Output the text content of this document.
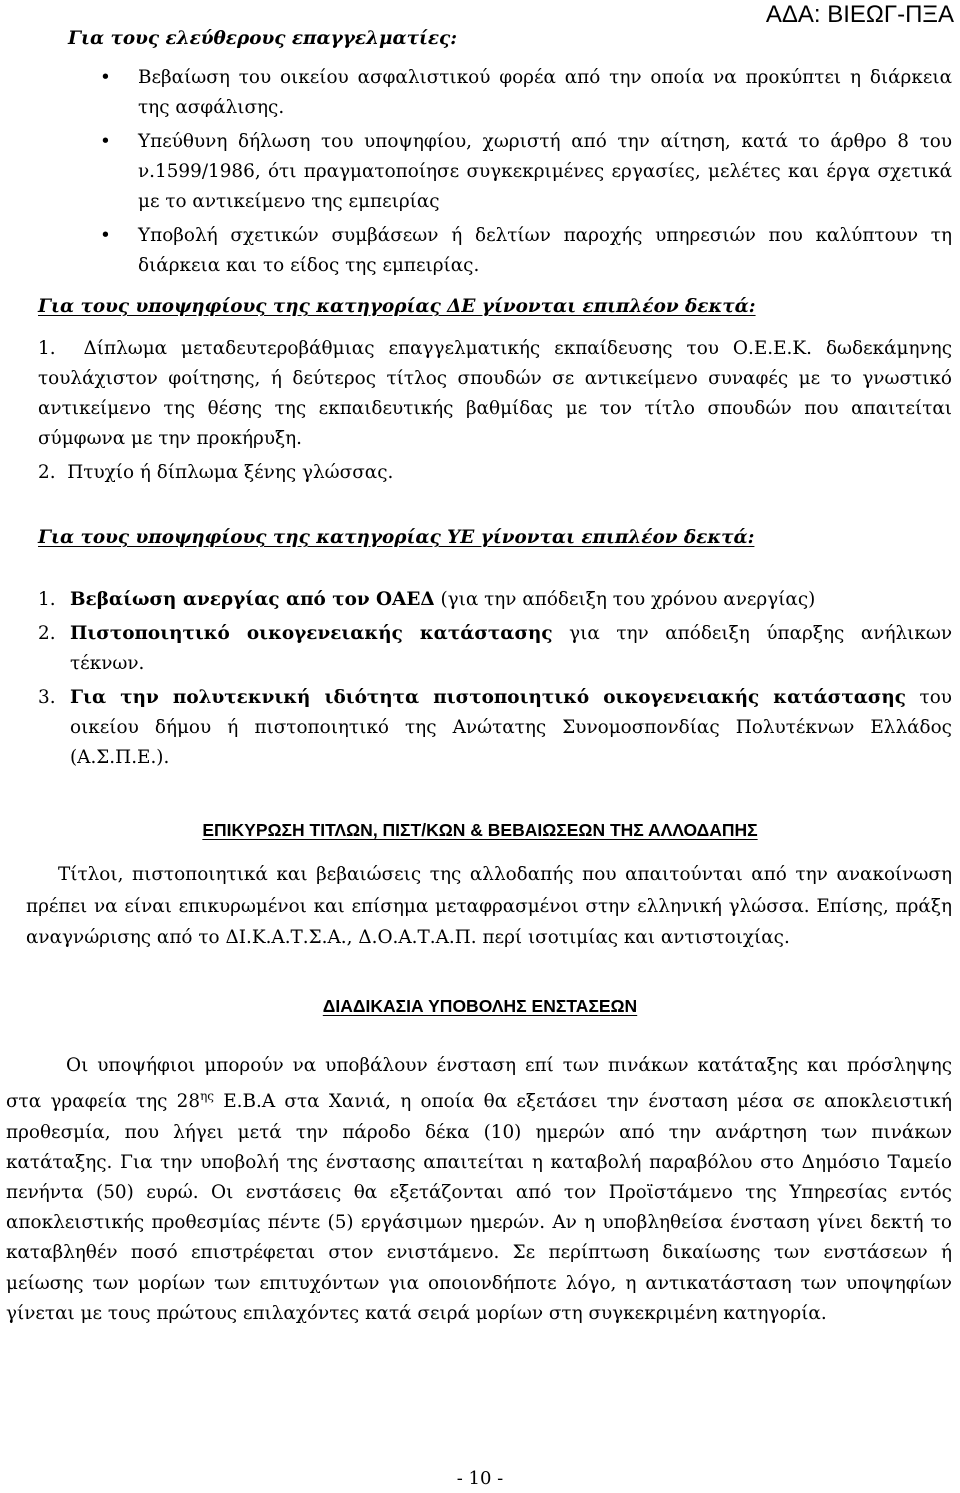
ΑΔΑ: ΒΙΕΩΓ-ΠΞΑ
Για τους ελεύθερους επαγγελματίες:
• Βεβαίωση του οικείου ασφαλιστικού φορέα από την οποία να προκύπτει η διάρκεια της ασφάλισης.
• Υπεύθυνη δήλωση του υποψηφίου, χωριστή από την αίτηση, κατά το άρθρο 8 του ν.1599/1986, ότι πραγματοποίησε συγκεκριμένες εργασίες, μελέτες και έργα σχετικά με το αντικείμενο της εμπειρίας
• Υποβολή σχετικών συμβάσεων ή δελτίων παροχής υπηρεσιών που καλύπτουν τη διάρκεια και το είδος της εμπειρίας.
Για τους υποψηφίους της κατηγορίας ΔΕ γίνονται επιπλέον δεκτά:
1. Δίπλωμα μεταδευτεροβάθμιας επαγγελματικής εκπαίδευσης του Ο.Ε.Ε.Κ. δωδεκάμηνης τουλάχιστον φοίτησης, ή δεύτερος τίτλος σπουδών σε αντικείμενο συναφές με το γνωστικό αντικείμενο της θέσης της εκπαιδευτικής βαθμίδας με τον τίτλο σπουδών που απαιτείται σύμφωνα με την προκήρυξη.
2. Πτυχίο ή δίπλωμα ξένης γλώσσας.
Για τους υποψηφίους της κατηγορίας ΥΕ γίνονται επιπλέον δεκτά:
1. Βεβαίωση ανεργίας από τον ΟΑΕΔ (για την απόδειξη του χρόνου ανεργίας)
2. Πιστοποιητικό οικογενειακής κατάστασης για την απόδειξη ύπαρξης ανήλικων τέκνων.
3. Για την πολυτεκνική ιδιότητα πιστοποιητικό οικογενειακής κατάστασης του οικείου δήμου ή πιστοποιητικό της Ανώτατης Συνομοσπονδίας Πολυτέκνων Ελλάδος (Α.Σ.Π.Ε.).
ΕΠΙΚΥΡΩΣΗ ΤΙΤΛΩΝ, ΠΙΣΤ/ΚΩΝ & ΒΕΒΑΙΩΣΕΩΝ ΤΗΣ ΑΛΛΟΔΑΠΗΣ
Τίτλοι, πιστοποιητικά και βεβαιώσεις της αλλοδαπής που απαιτούνται από την ανακοίνωση πρέπει να είναι επικυρωμένοι και επίσημα μεταφρασμένοι στην ελληνική γλώσσα. Επίσης, πράξη αναγνώρισης από το ΔΙ.Κ.Α.Τ.Σ.Α., Δ.Ο.Α.Τ.Α.Π. περί ισοτιμίας και αντιστοιχίας.
ΔΙΑΔΙΚΑΣΙΑ ΥΠΟΒΟΛΗΣ ΕΝΣΤΑΣΕΩΝ
Οι υποψήφιοι μπορούν να υποβάλουν ένσταση επί των πινάκων κατάταξης και πρόσληψης στα γραφεία της $28^{\eta\varsigma}$ Ε.Β.Α στα Χανιά, η οποία θα εξετάσει την ένσταση μέσα σε αποκλειστική προθεσμία, που λήγει μετά την πάροδο δέκα (10) ημερών από την ανάρτηση των πινάκων κατάταξης. Για την υποβολή της ένστασης απαιτείται η καταβολή παραβόλου στο Δημόσιο Ταμείο πενήντα (50) ευρώ. Οι ενστάσεις θα εξετάζονται από τον Προϊστάμενο της Υπηρεσίας εντός αποκλειστικής προθεσμίας πέντε (5) εργάσιμων ημερών. Αν η υποβληθείσα ένσταση γίνει δεκτή το καταβληθέν ποσό επιστρέφεται στον ενιστάμενο. Σε περίπτωση δικαίωσης των ενστάσεων ή μείωσης των μορίων των επιτυχόντων για οποιονδήποτε λόγο, η αντικατάσταση των υποψηφίων γίνεται με τους πρώτους επιλαχόντες κατά σειρά μορίων στη συγκεκριμένη κατηγορία.
- 10 -
